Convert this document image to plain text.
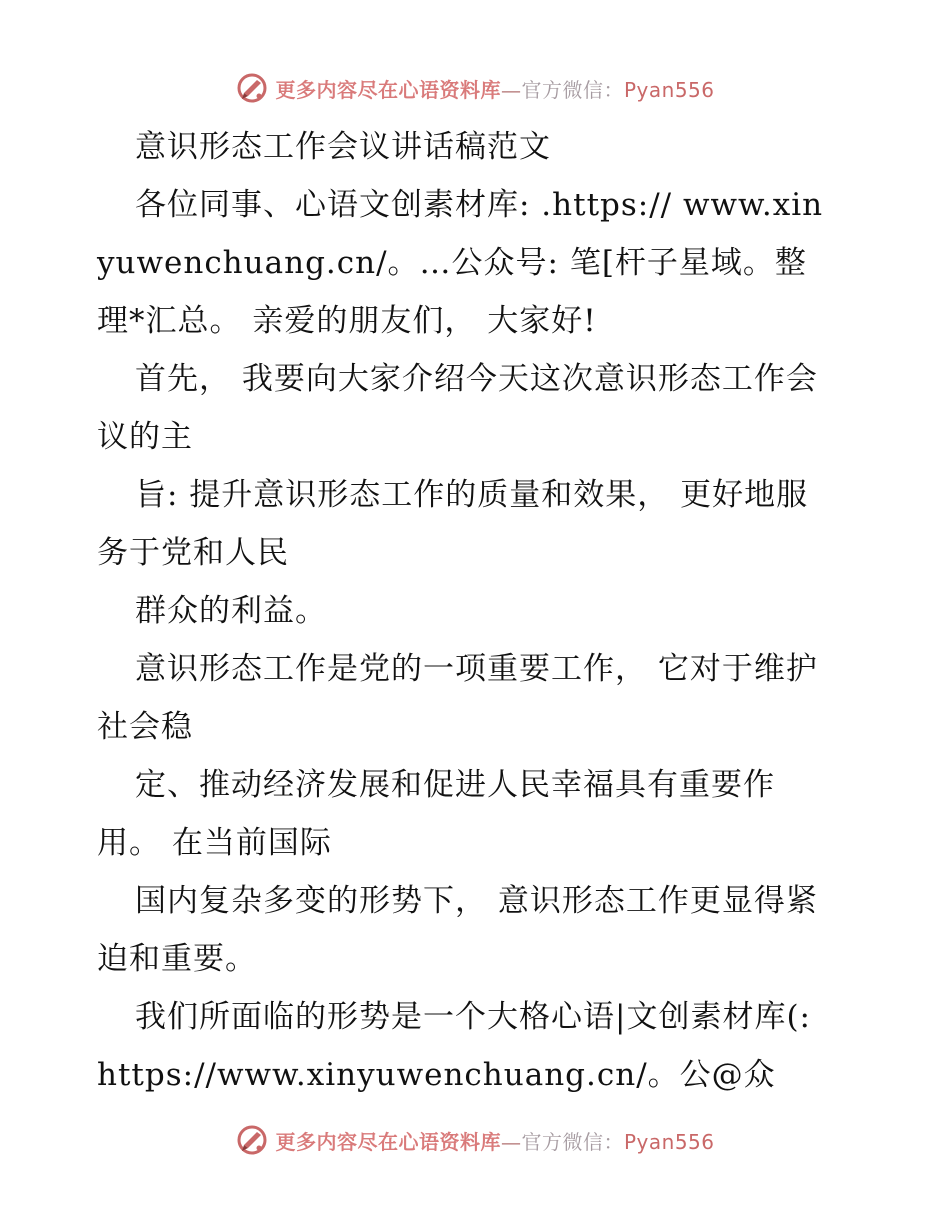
更多内容尽在心语资料库—官方微信：Pyan556

意识形态工作会议讲话稿范文

各位同事、心语文创素材库: .https:// www.xinyuwenchuang.cn/。…公众号: 笔[杆子星域。整理*汇总。 亲爱的朋友们， 大家好!

首先， 我要向大家介绍今天这次意识形态工作会议的主

旨: 提升意识形态工作的质量和效果， 更好地服务于党和人民

群众的利益。

意识形态工作是党的一项重要工作， 它对于维护社会稳

定、推动经济发展和促进人民幸福具有重要作用。 在当前国际

国内复杂多变的形势下， 意识形态工作更显得紧迫和重要。

我们所面临的形势是一个大格心语|文创素材库(: https://www.xinyuwenchuang.cn/。公@众

更多内容尽在心语资料库—官方微信：Pyan556
